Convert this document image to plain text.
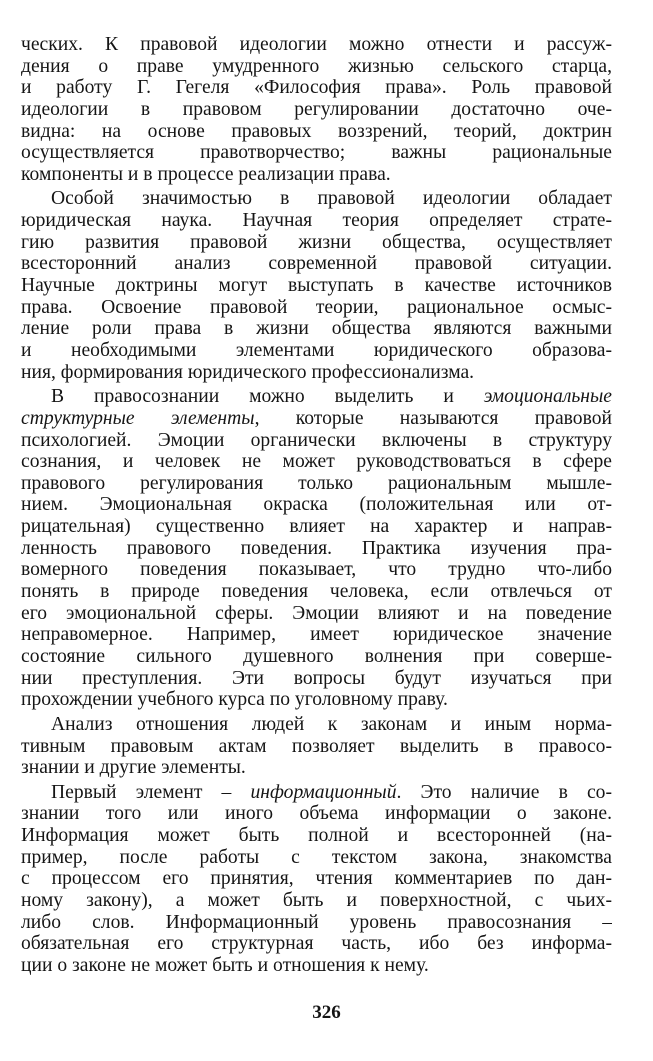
чеcких. К правовой идеологии можно отнести и рассуж-
дения о праве умудренного жизнью сельского старца,
и работу Г. Гегеля «Философия права». Роль правовой
идеологии в правовом регулировании достаточно оче-
видна: на основе правовых воззрений, теорий, доктрин
осуществляется правотворчество; важны рациональные
компоненты и в процессе реализации права.
Особой значимостью в правовой идеологии обладает
юридическая наука. Научная теория определяет страте-
гию развития правовой жизни общества, осуществляет
всесторонний анализ современной правовой ситуации.
Научные доктрины могут выступать в качестве источников
права. Освоение правовой теории, рациональное осмыс-
ление роли права в жизни общества являются важными
и необходимыми элементами юридического образова-
ния, формирования юридического профессионализма.
В правосознании можно выделить и эмоциональные
структурные элементы, которые называются правовой
психологией. Эмоции органически включены в структуру
сознания, и человек не может руководствоваться в сфере
правового регулирования только рациональным мышле-
нием. Эмоциональная окраска (положительная или от-
рицательная) существенно влияет на характер и направ-
ленность правового поведения. Практика изучения пра-
вомерного поведения показывает, что трудно что-либо
понять в природе поведения человека, если отвлечься от
его эмоциональной сферы. Эмоции влияют и на поведение
неправомерное. Например, имеет юридическое значение
состояние сильного душевного волнения при соверше-
нии преступления. Эти вопросы будут изучаться при
прохождении учебного курса по уголовному праву.
Анализ отношения людей к законам и иным норма-
тивным правовым актам позволяет выделить в правосо-
знании и другие элементы.
Первый элемент – информационный. Это наличие в со-
знании того или иного объема информации о законе.
Информация может быть полной и всесторонней (на-
пример, после работы с текстом закона, знакомства
с процессом его принятия, чтения комментариев по дан-
ному закону), а может быть и поверхностной, с чьих-
либо слов. Информационный уровень правосознания –
обязательная его структурная часть, ибо без информа-
ции о законе не может быть и отношения к нему.
326
